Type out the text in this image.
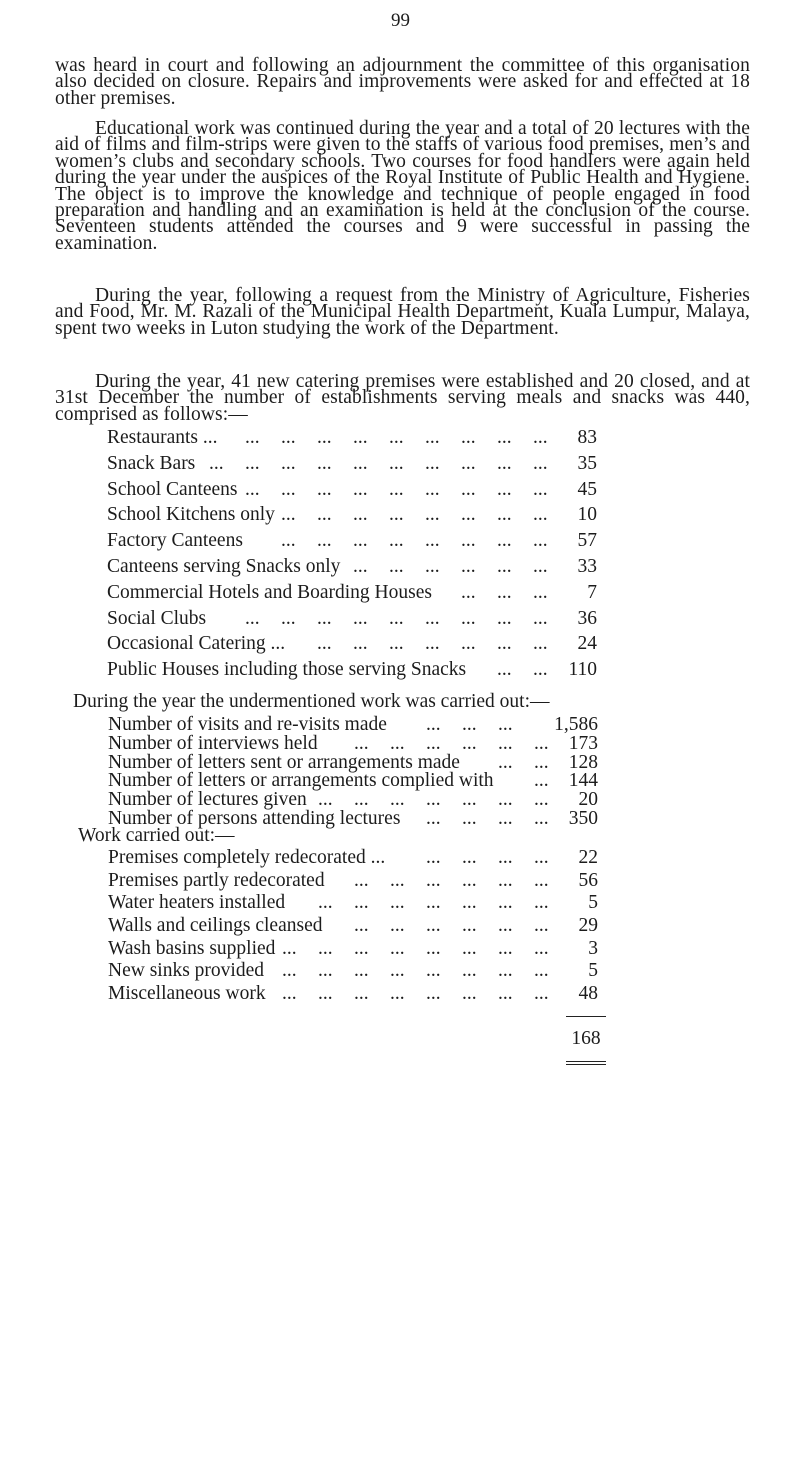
99

was heard in court and following an adjournment the committee of this organisation also decided on closure. Repairs and improvements were asked for and effected at 18 other premises.

Educational work was continued during the year and a total of 20 lectures with the aid of films and film-strips were given to the staffs of various food premises, men’s and women’s clubs and secondary schools. Two courses for food handlers were again held during the year under the auspices of the Royal Institute of Public Health and Hygiene. The object is to improve the knowledge and technique of people engaged in food preparation and handling and an examination is held at the conclusion of the course. Seventeen students attended the courses and 9 were successful in passing the examination.

During the year, following a request from the Ministry of Agriculture, Fisheries and Food, Mr. M. Razali of the Municipal Health Department, Kuala Lumpur, Malaya, spent two weeks in Luton studying the work of the Department.

During the year, 41 new catering premises were established and 20 closed, and at 31st December the number of establishments serving meals and snacks was 440, comprised as follows:—

Restaurants ...	83
... ... ... ... ... ... ... ... ...
Snack Bars	35
... ... ... ... ... ... ... ... ... ...
School Canteens	45
... ... ... ... ... ... ... ... ...
School Kitchens only	10
... ... ... ... ... ... ... ...
Factory Canteens	57
... ... ... ... ... ... ... ...
Canteens serving Snacks only	33
... ... ... ... ... ...
Commercial Hotels and Boarding Houses	7
... ... ...
Social Clubs	36
... ... ... ... ... ... ... ... ...
Occasional Catering ...	24
... ... ... ... ... ... ...
Public Houses including those serving Snacks	110
... ...
During the year the undermentioned work was carried out:—
Number of visits and re-visits made	1,586
... ... ...
Number of interviews held	173
... ... ... ... ... ...
Number of letters sent or arrangements made	128
... ...
Number of letters or arrangements complied with	144
...
Number of lectures given	20
... ... ... ... ... ... ...
Number of persons attending lectures	350
... ... ... ...
Work carried out:—
Premises completely redecorated ...	22
... ... ... ...
Premises partly redecorated	56
... ... ... ... ... ...
Water heaters installed	5
... ... ... ... ... ... ...
Walls and ceilings cleansed	29
... ... ... ... ... ...
Wash basins supplied	3
... ... ... ... ... ... ... ...
New sinks provided	5
... ... ... ... ... ... ... ...
Miscellaneous work	48
... ... ... ... ... ... ... ...
168
